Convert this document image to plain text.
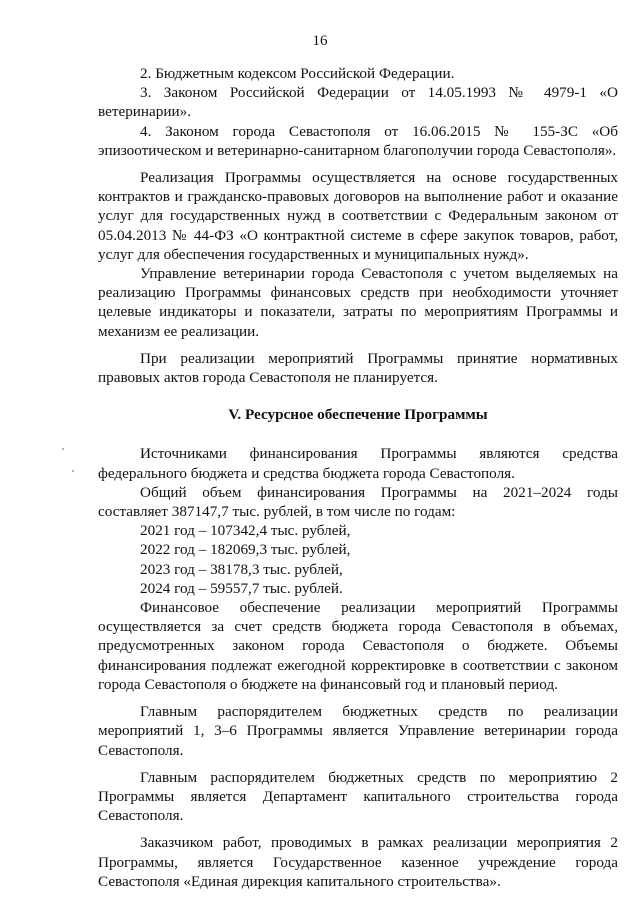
16

2. Бюджетным кодексом Российской Федерации.

3. Законом Российской Федерации от 14.05.1993 № 4979-1 «О ветеринарии».

4. Законом города Севастополя от 16.06.2015 № 155-ЗС «Об эпизоотическом и ветеринарно-санитарном благополучии города Севастополя».

Реализация Программы осуществляется на основе государственных контрактов и гражданско-правовых договоров на выполнение работ и оказание услуг для государственных нужд в соответствии с Федеральным законом от 05.04.2013 № 44-ФЗ «О контрактной системе в сфере закупок товаров, работ, услуг для обеспечения государственных и муниципальных нужд».

Управление ветеринарии города Севастополя с учетом выделяемых на реализацию Программы финансовых средств при необходимости уточняет целевые индикаторы и показатели, затраты по мероприятиям Программы и механизм ее реализации.

При реализации мероприятий Программы принятие нормативных правовых актов города Севастополя не планируется.

V. Ресурсное обеспечение Программы

Источниками финансирования Программы являются средства федерального бюджета и средства бюджета города Севастополя.

Общий объем финансирования Программы на 2021–2024 годы составляет 387147,7 тыс. рублей, в том числе по годам:

2021 год – 107342,4 тыс. рублей,

2022 год – 182069,3 тыс. рублей,

2023 год – 38178,3 тыс. рублей,

2024 год – 59557,7 тыс. рублей.

Финансовое обеспечение реализации мероприятий Программы осуществляется за счет средств бюджета города Севастополя в объемах, предусмотренных законом города Севастополя о бюджете. Объемы финансирования подлежат ежегодной корректировке в соответствии с законом города Севастополя о бюджете на финансовый год и плановый период.

Главным распорядителем бюджетных средств по реализации мероприятий 1, 3–6 Программы является Управление ветеринарии города Севастополя.

Главным распорядителем бюджетных средств по мероприятию 2 Программы является Департамент капитального строительства города Севастополя.

Заказчиком работ, проводимых в рамках реализации мероприятия 2 Программы, является Государственное казенное учреждение города Севастополя «Единая дирекция капитального строительства».
